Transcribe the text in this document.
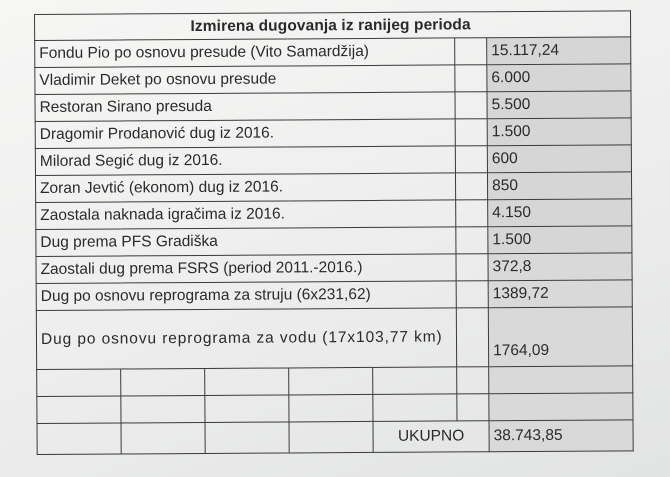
Izmirena dugovanja iz ranijeg perioda						
Fondu Pio po osnovu presude (Vito Samardžija)						15.117,24
Vladimir Deket po osnovu presude						6.000
Restoran Sirano presuda						5.500
Dragomir Prodanović dug iz 2016.						1.500
Milorad Segić dug iz 2016.						600
Zoran Jevtić (ekonom) dug iz 2016.						850
Zaostala naknada igračima iz 2016.						4.150
Dug prema PFS Gradiška						1.500
Zaostali dug prema FSRS (period 2011.-2016.)						372,8
Dug po osnovu reprograma za struju (6x231,62)						1389,72
Dug po osnovu reprograma za vodu (17x103,77 km)						1764,09

				UKUPNO		38.743,85
